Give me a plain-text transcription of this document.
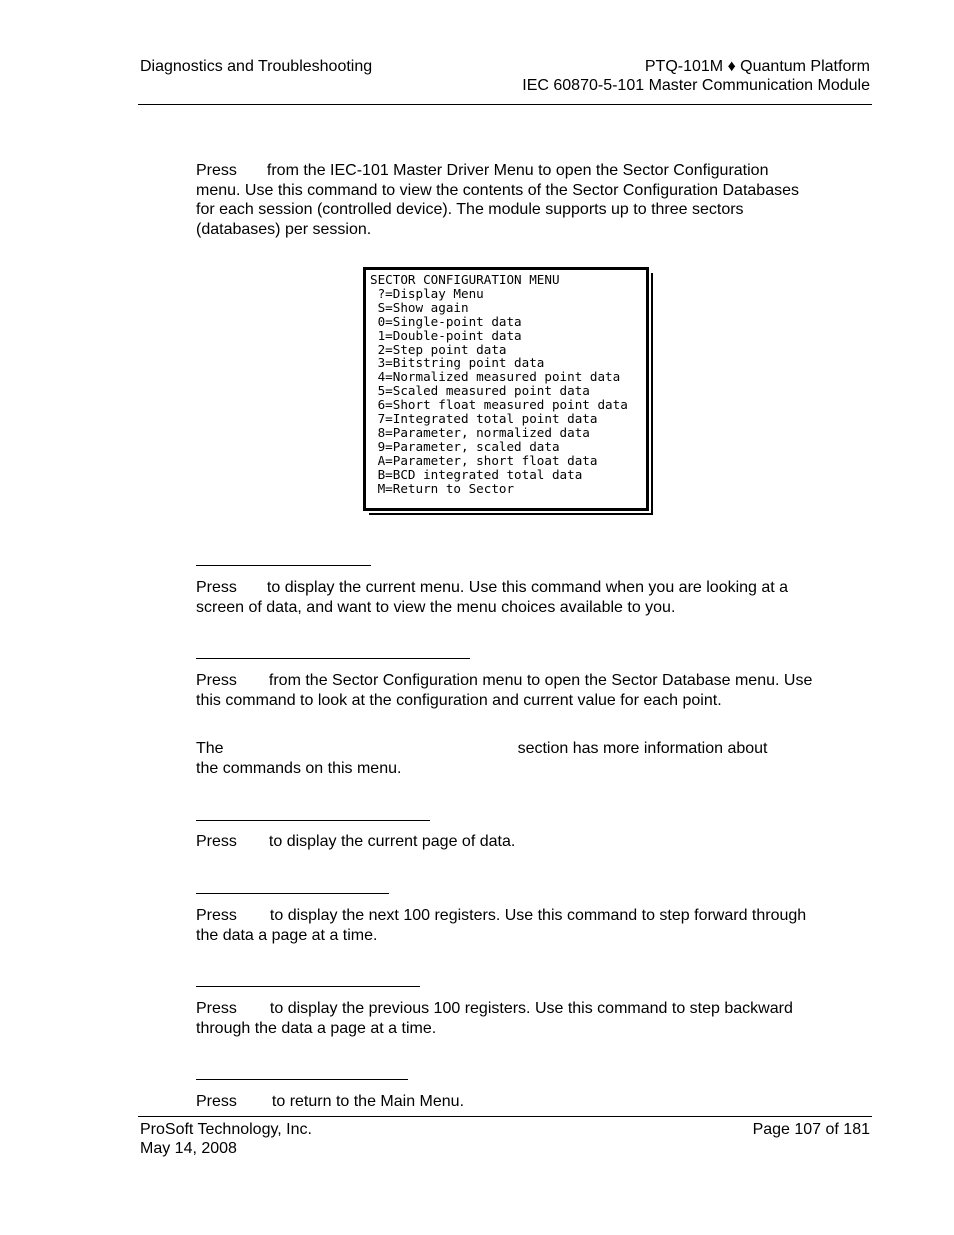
Diagnostics and Troubleshooting	PTQ-101M ♦ Quantum Platform
IEC 60870-5-101 Master Communication Module
Press from the IEC-101 Master Driver Menu to open the Sector Configuration menu. Use this command to view the contents of the Sector Configuration Databases for each session (controlled device). The module supports up to three sectors (databases) per session.
SECTOR CONFIGURATION MENU
?=Display Menu
S=Show again
0=Single-point data
1=Double-point data
2=Step point data
3=Bitstring point data
4=Normalized measured point data
5=Scaled measured point data
6=Short float measured point data
7=Integrated total point data
8=Parameter, normalized data
9=Parameter, scaled data
A=Parameter, short float data
B=BCD integrated total data
M=Return to Sector
Press to display the current menu. Use this command when you are looking at a screen of data, and want to view the menu choices available to you.
Press from the Sector Configuration menu to open the Sector Database menu. Use this command to look at the configuration and current value for each point.
The	section has more information about
the commands on this menu.
Press to display the current page of data.
Press to display the next 100 registers. Use this command to step forward through the data a page at a time.
Press to display the previous 100 registers. Use this command to step backward through the data a page at a time.
Press to return to the Main Menu.
ProSoft Technology, Inc.
May 14, 2008
Page 107 of 181
